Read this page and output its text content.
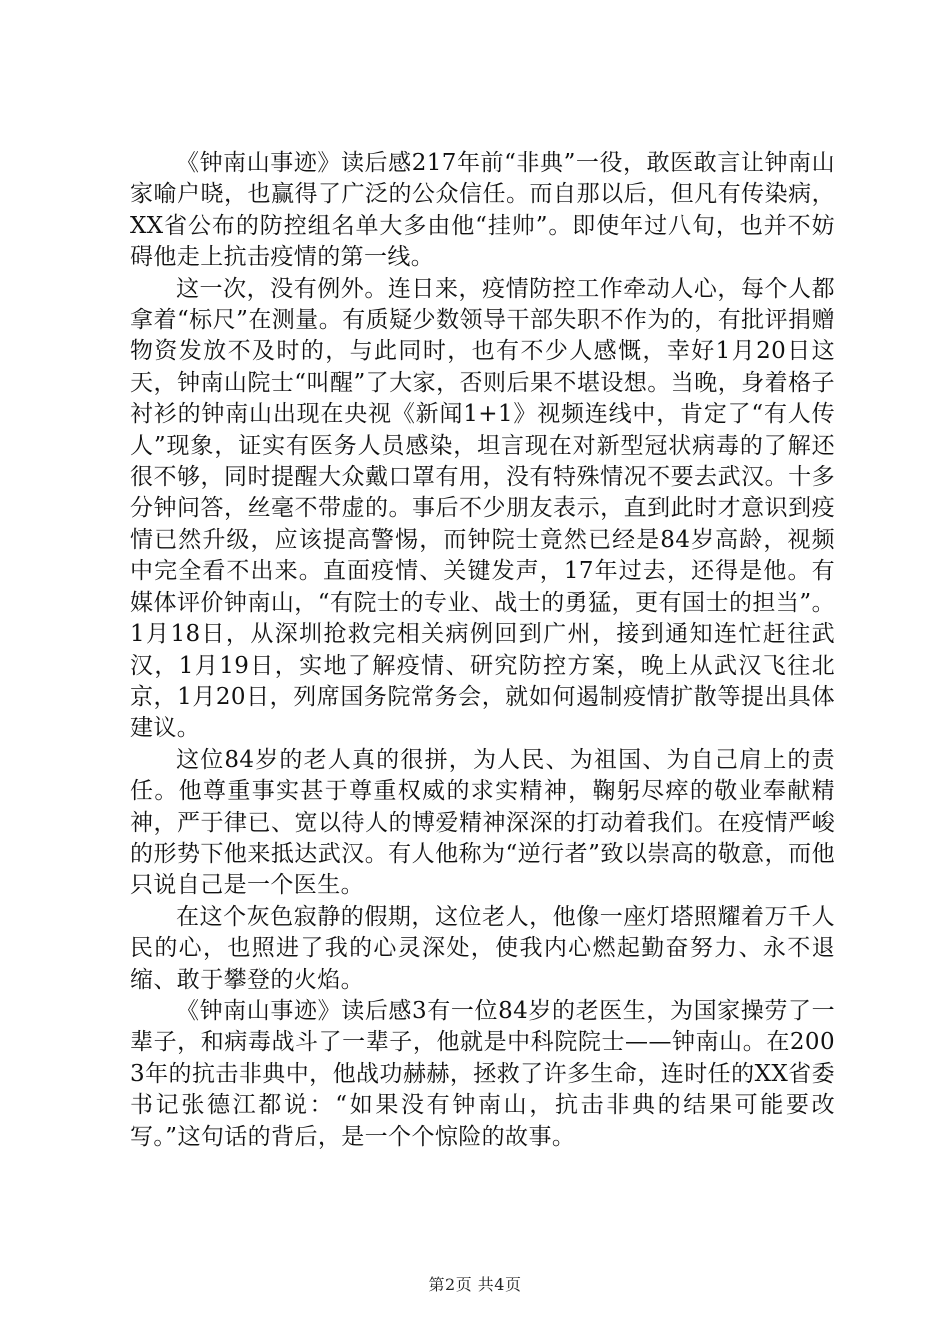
《钟南山事迹》读后感217年前“非典”一役，敢医敢言让钟南山家喻户晓，也赢得了广泛的公众信任。而自那以后，但凡有传染病，XX省公布的防控组名单大多由他“挂帅”。即使年过八旬，也并不妨碍他走上抗击疫情的第一线。

这一次，没有例外。连日来，疫情防控工作牵动人心，每个人都拿着“标尺”在测量。有质疑少数领导干部失职不作为的，有批评捐赠物资发放不及时的，与此同时，也有不少人感慨，幸好1月20日这天，钟南山院士“叫醒”了大家，否则后果不堪设想。当晚，身着格子衬衫的钟南山出现在央视《新闻1+1》视频连线中，肯定了“有人传人”现象，证实有医务人员感染，坦言现在对新型冠状病毒的了解还很不够，同时提醒大众戴口罩有用，没有特殊情况不要去武汉。十多分钟问答，丝毫不带虚的。事后不少朋友表示，直到此时才意识到疫情已然升级，应该提高警惕，而钟院士竟然已经是84岁高龄，视频中完全看不出来。直面疫情、关键发声，17年过去，还得是他。有媒体评价钟南山，“有院士的专业、战士的勇猛，更有国士的担当”。1月18日，从深圳抢救完相关病例回到广州，接到通知连忙赶往武汉，1月19日，实地了解疫情、研究防控方案，晚上从武汉飞往北京，1月20日，列席国务院常务会，就如何遏制疫情扩散等提出具体建议。

这位84岁的老人真的很拼，为人民、为祖国、为自己肩上的责任。他尊重事实甚于尊重权威的求实精神，鞠躬尽瘁的敬业奉献精神，严于律已、宽以待人的博爱精神深深的打动着我们。在疫情严峻的形势下他来抵达武汉。有人他称为“逆行者”致以崇高的敬意，而他只说自己是一个医生。

在这个灰色寂静的假期，这位老人，他像一座灯塔照耀着万千人民的心，也照进了我的心灵深处，使我内心燃起勤奋努力、永不退缩、敢于攀登的火焰。

《钟南山事迹》读后感3有一位84岁的老医生，为国家操劳了一辈子，和病毒战斗了一辈子，他就是中科院院士——钟南山。在2003年的抗击非典中，他战功赫赫，拯救了许多生命，连时任的XX省委书记张德江都说：“如果没有钟南山，抗击非典的结果可能要改写。”这句话的背后，是一个个惊险的故事。

第2页 共4页
